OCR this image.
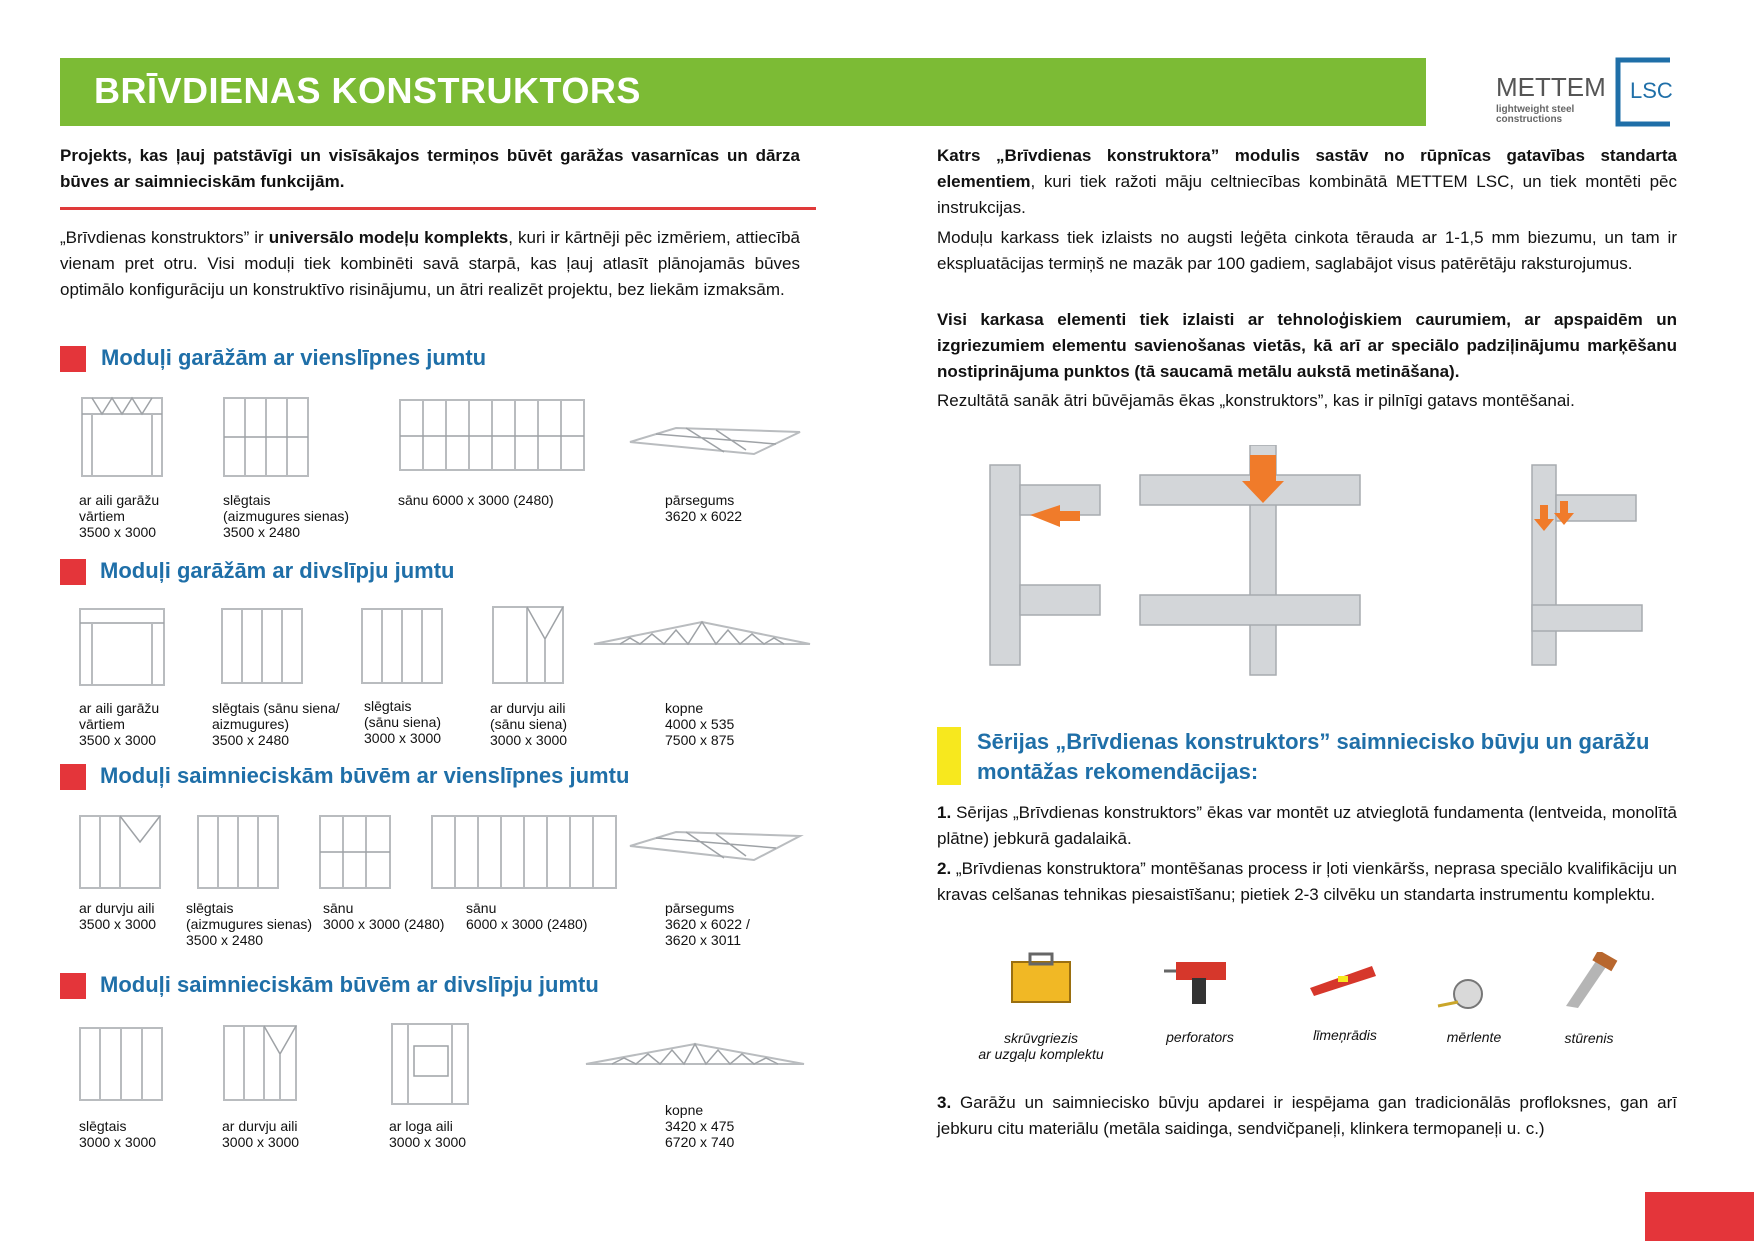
BRĪVDIENAS KONSTRUKTORS	METTEM
lightweight steel
constructions
LSC
Projekts, kas ļauj patstāvīgi un visīsākajos termiņos būvēt garāžas vasarnīcas un dārza būves ar saimnieciskām funkcijām.
„Brīvdienas konstruktors” ir universālo modeļu komplekts, kuri ir kārtnēji pēc izmēriem, attiecībā vienam pret otru. Visi moduļi tiek kombinēti savā starpā, kas ļauj atlasīt plānojamās būves optimālo konfigurāciju un konstruktīvo risinājumu, un ātri realizēt projektu, bez liekām izmaksām.
Moduļi garāžām ar vienslīpnes jumtu
ar aili garāžu
vārtiem
3500 x 3000
slēgtais
(aizmugures sienas)
3500 x 2480
sānu 6000 x 3000 (2480)	pārsegums
3620 x 6022
Moduļi garāžām ar divslīpju jumtu
ar aili garāžu
vārtiem
3500 x 3000
slēgtais (sānu siena/
aizmugures)
3500 x 2480
slēgtais
(sānu siena)
3000 x 3000
ar durvju aili
(sānu siena)
3000 x 3000
kopne
4000 x 535
7500 x 875
Moduļi saimnieciskām būvēm ar vienslīpnes jumtu
ar durvju aili
3500 x 3000
slēgtais
(aizmugures sienas)
3500 x 2480
sānu
3000 x 3000 (2480)
sānu
6000 x 3000 (2480)
pārsegums
3620 x 6022 /
3620 x 3011
Moduļi saimnieciskām būvēm ar divslīpju jumtu
slēgtais
3000 x 3000
ar durvju aili
3000 x 3000
ar loga aili
3000 x 3000
kopne
3420 x 475
6720 x 740
Katrs „Brīvdienas konstruktora” modulis sastāv no rūpnīcas gatavības standarta elementiem, kuri tiek ražoti māju celtniecības kombinātā METTEM LSC, un tiek montēti pēc instrukcijas.
Moduļu karkass tiek izlaists no augsti leģēta cinkota tērauda ar 1-1,5 mm biezumu, un tam ir ekspluatācijas termiņš ne mazāk par 100 gadiem, saglabājot visus patērētāju raksturojumus.
Visi karkasa elementi tiek izlaisti ar tehnoloģiskiem caurumiem, ar apspaidēm un izgriezumiem elementu savienošanas vietās, kā arī ar speciālo padziļinājumu marķēšanu nostiprinājuma punktos (tā saucamā metālu aukstā metināšana).
Rezultātā sanāk ātri būvējamās ēkas „konstruktors”, kas ir pilnīgi gatavs montēšanai.
Sērijas „Brīvdienas konstruktors” saimniecisko būvju un garāžu montāžas rekomendācijas:
1. Sērijas „Brīvdienas konstruktors” ēkas var montēt uz atvieglotā fundamenta (lentveida, monolītā plātne) jebkurā gadalaikā.
2. „Brīvdienas konstruktora” montēšanas process ir ļoti vienkāršs, neprasa speciālo kvalifikāciju un kravas celšanas tehnikas piesaistīšanu; pietiek 2-3 cilvēku un standarta instrumentu komplektu.
skrūvgriezis
ar uzgaļu komplektu
perforators	līmeņrādis	mērlente	stūrenis
3. Garāžu un saimniecisko būvju apdarei ir iespējama gan tradicionālās profloksnes, gan arī jebkuru citu materiālu (metāla saidinga, sendvičpaneļi, klinkera termopaneļi u. c.)
